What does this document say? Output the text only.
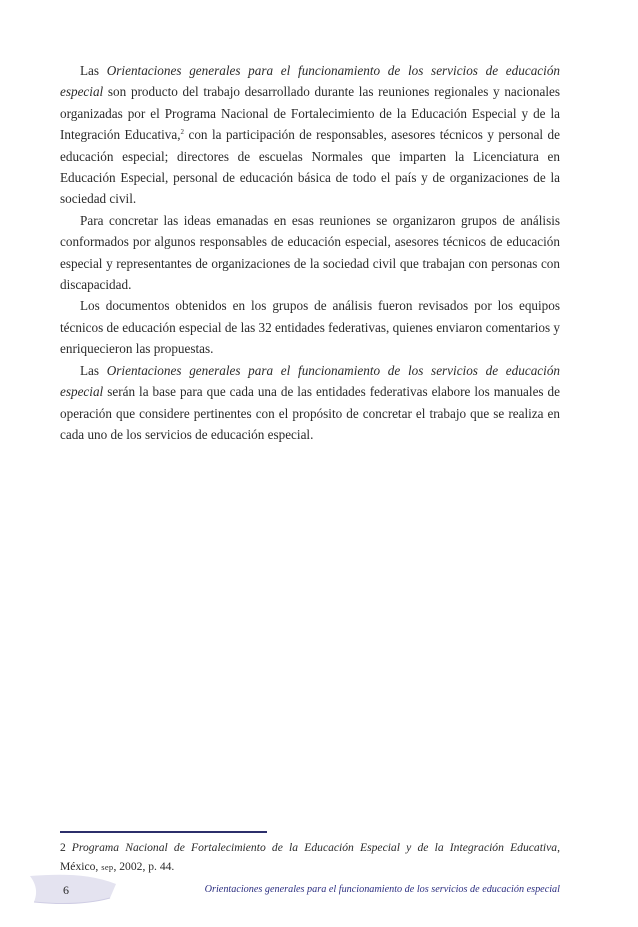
Las Orientaciones generales para el funcionamiento de los servicios de educación especial son producto del trabajo desarrollado durante las reuniones regionales y nacionales organizadas por el Programa Nacional de Fortalecimiento de la Educación Especial y de la Integración Educativa,$^2$ con la participación de responsables, asesores técnicos y personal de educación especial; directores de escuelas Normales que imparten la Licenciatura en Educación Especial, personal de educación básica de todo el país y de organizaciones de la sociedad civil.

Para concretar las ideas emanadas en esas reuniones se organizaron grupos de análisis conformados por algunos responsables de educación especial, asesores técnicos de educación especial y representantes de organizaciones de la sociedad civil que trabajan con personas con discapacidad.

Los documentos obtenidos en los grupos de análisis fueron revisados por los equipos técnicos de educación especial de las 32 entidades federativas, quienes enviaron comentarios y enriquecieron las propuestas.

Las Orientaciones generales para el funcionamiento de los servicios de educación especial serán la base para que cada una de las entidades federativas elabore los manuales de operación que considere pertinentes con el propósito de concretar el trabajo que se realiza en cada uno de los servicios de educación especial.

2 Programa Nacional de Fortalecimiento de la Educación Especial y de la Integración Educativa, México, sep, 2002, p. 44.
6	Orientaciones generales para el funcionamiento de los servicios de educación especial
